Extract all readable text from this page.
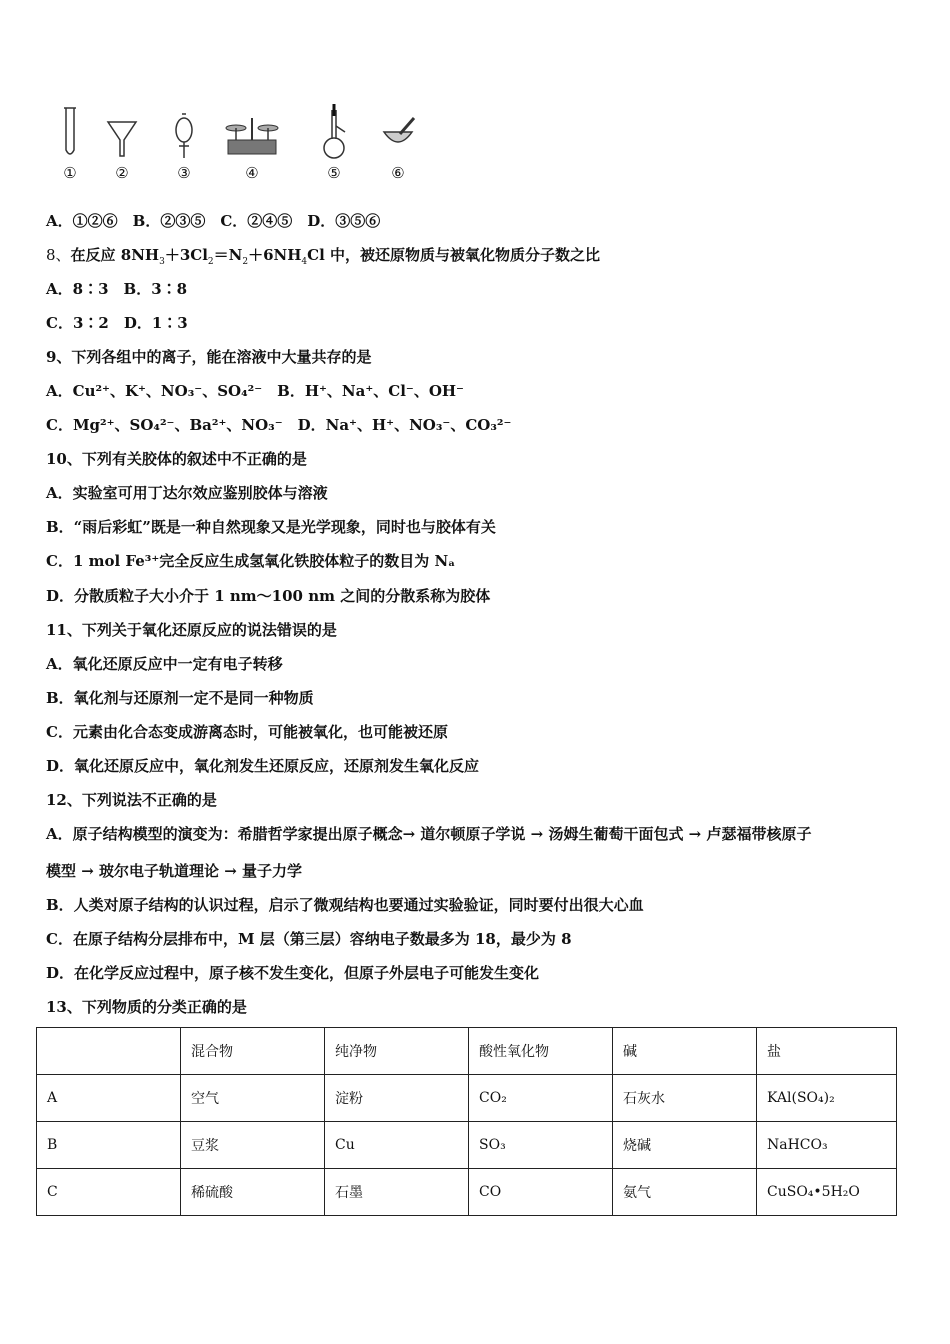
①	②	③	④	⑤	⑥
A．①②⑥　B．②③⑤　C．②④⑤　D．③⑤⑥
8、在反应 $8NH_3+3Cl_2=N_2+6NH_4Cl$ 中，被还原物质与被氧化物质分子数之比
A．8∶3　B．3∶8
C．3∶2　D．1∶3
9、下列各组中的离子，能在溶液中大量共存的是
A．Cu²⁺、K⁺、NO₃⁻、SO₄²⁻　B．H⁺、Na⁺、Cl⁻、OH⁻
C．Mg²⁺、SO₄²⁻、Ba²⁺、NO₃⁻　D．Na⁺、H⁺、NO₃⁻、CO₃²⁻
10、下列有关胶体的叙述中不正确的是
A．实验室可用丁达尔效应鉴别胶体与溶液
B．“雨后彩虹”既是一种自然现象又是光学现象，同时也与胶体有关
C．1 mol Fe³⁺完全反应生成氢氧化铁胶体粒子的数目为 Nₐ
D．分散质粒子大小介于 1 nm～100 nm 之间的分散系称为胶体
11、下列关于氧化还原反应的说法错误的是
A．氧化还原反应中一定有电子转移
B．氧化剂与还原剂一定不是同一种物质
C．元素由化合态变成游离态时，可能被氧化，也可能被还原
D．氧化还原反应中，氧化剂发生还原反应，还原剂发生氧化反应
12、下列说法不正确的是
A．原子结构模型的演变为：希腊哲学家提出原子概念→ 道尔顿原子学说 → 汤姆生葡萄干面包式 → 卢瑟福带核原子
模型 → 玻尔电子轨道理论 → 量子力学
B．人类对原子结构的认识过程，启示了微观结构也要通过实验验证，同时要付出很大心血
C．在原子结构分层排布中，M 层（第三层）容纳电子数最多为 18，最少为 8
D．在化学反应过程中，原子核不发生变化，但原子外层电子可能发生变化
13、下列物质的分类正确的是
	混合物	纯净物	酸性氧化物	碱	盐
A	空气	淀粉	CO₂	石灰水	KAl(SO₄)₂
B	豆浆	Cu	SO₃	烧碱	NaHCO₃
C	稀硫酸	石墨	CO	氨气	CuSO₄•5H₂O
